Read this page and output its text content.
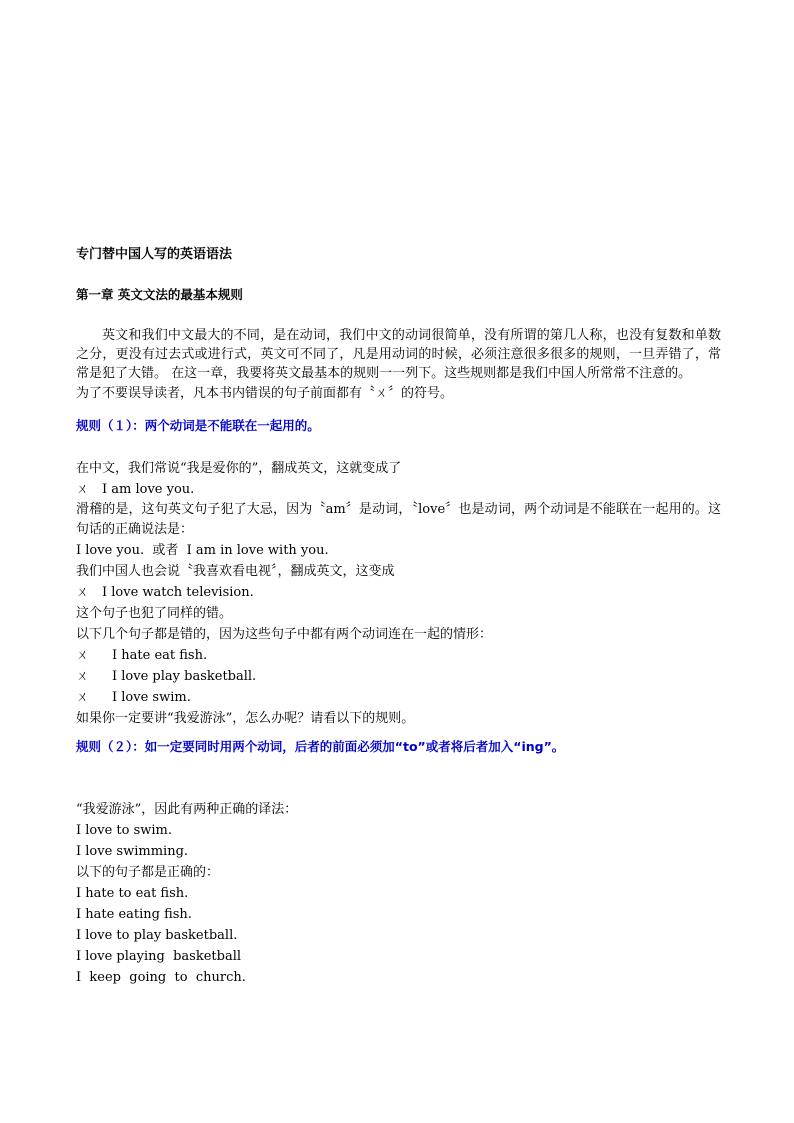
专门替中国人写的英语语法

第一章 英文文法的最基本规则

英文和我们中文最大的不同，是在动词，我们中文的动词很简单，没有所谓的第几人称，也没有复数和单数之分，更没有过去式或进行式，英文可不同了，凡是用动词的时候，必须注意很多很多的规则，一旦弄错了，常常是犯了大错。 在这一章，我要将英文最基本的规则一一列下。这些规则都是我们中国人所常常不注意的。

为了不要误导读者，凡本书内错误的句子前面都有〝ㄨ〞的符号。

规则（１）：两个动词是不能联在一起用的。

在中文，我们常说“我是爱你的”，翻成英文，这就变成了

ㄨ I am love you.

滑稽的是，这句英文句子犯了大忌，因为〝am〞是动词，〝love〞也是动词，两个动词是不能联在一起用的。这句话的正确说法是：

I love you.  或者  I am in love with you.

我们中国人也会说〝我喜欢看电视〞，翻成英文，这变成

ㄨ I love watch television.

这个句子也犯了同样的错。

以下几个句子都是错的，因为这些句子中都有两个动词连在一起的情形：

ㄨ I hate eat fish.

ㄨ I love play basketball.

ㄨ I love swim.

如果你一定要讲“我爱游泳”，怎么办呢？请看以下的规则。

规则（２）：如一定要同时用两个动词，后者的前面必须加“to”或者将后者加入“ing”。

“我爱游泳”，因此有两种正确的译法：

I love to swim.

I love swimming.

以下的句子都是正确的：

I hate to eat fish.

I hate eating fish.

I love to play basketball.

I love playing  basketball

I  keep  going  to  church.
